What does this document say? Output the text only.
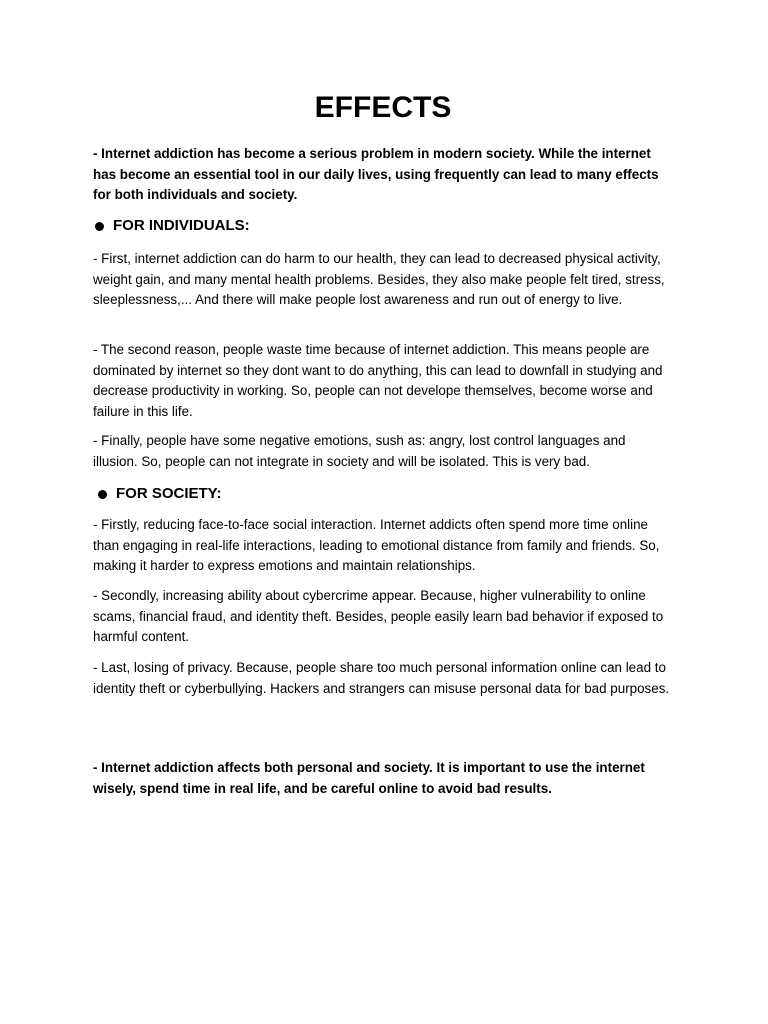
EFFECTS

- Internet addiction has become a serious problem in modern society. While the internet has become an essential tool in our daily lives, using frequently can lead to many effects for both individuals and society.

FOR INDIVIDUALS:

- First, internet addiction can do harm to our health, they can lead to decreased physical activity, weight gain, and many mental health problems. Besides, they also make people felt tired, stress, sleeplessness,... And there will make people lost awareness and run out of energy to live.

- The second reason, people waste time because of internet addiction. This means people are dominated by internet so they dont want to do anything, this can lead to downfall in studying and decrease productivity in working. So, people can not develope themselves, become worse and failure in this life.

- Finally, people have some negative emotions, sush as: angry, lost control languages and illusion. So, people can not integrate in society and will be isolated. This is very bad.

FOR SOCIETY:

- Firstly, reducing face-to-face social interaction. Internet addicts often spend more time online than engaging in real-life interactions, leading to emotional distance from family and friends. So, making it harder to express emotions and maintain relationships.

- Secondly, increasing ability about cybercrime appear. Because, higher vulnerability to online scams, financial fraud, and identity theft. Besides, people easily learn bad behavior if exposed to harmful content.

- Last, losing of privacy. Because, people share too much personal information online can lead to identity theft or cyberbullying. Hackers and strangers can misuse personal data for bad purposes.

- Internet addiction affects both personal and society. It is important to use the internet wisely, spend time in real life, and be careful online to avoid bad results.
